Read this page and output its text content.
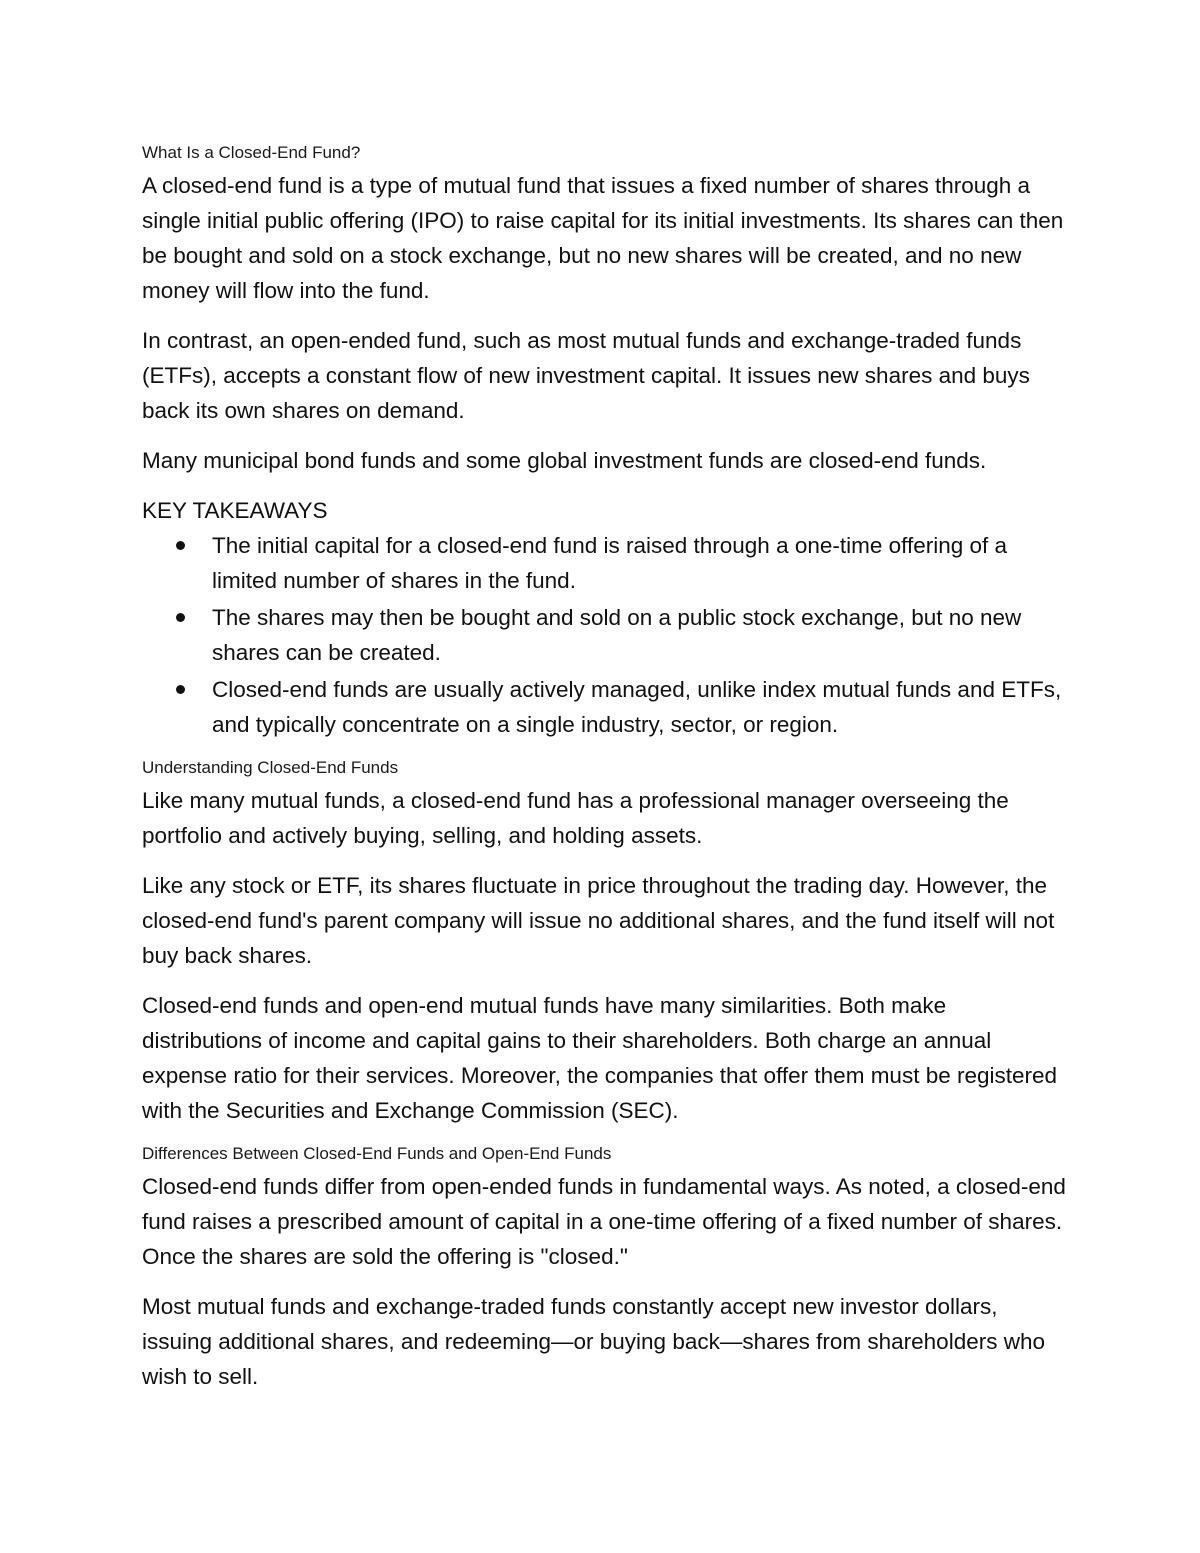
What Is a Closed-End Fund?

A closed-end fund is a type of mutual fund that issues a fixed number of shares through a single initial public offering (IPO) to raise capital for its initial investments. Its shares can then be bought and sold on a stock exchange, but no new shares will be created, and no new money will flow into the fund.

In contrast, an open-ended fund, such as most mutual funds and exchange-traded funds (ETFs), accepts a constant flow of new investment capital. It issues new shares and buys back its own shares on demand.

Many municipal bond funds and some global investment funds are closed-end funds.

KEY TAKEAWAYS
The initial capital for a closed-end fund is raised through a one-time offering of a limited number of shares in the fund.
The shares may then be bought and sold on a public stock exchange, but no new shares can be created.
Closed-end funds are usually actively managed, unlike index mutual funds and ETFs, and typically concentrate on a single industry, sector, or region.
Understanding Closed-End Funds

Like many mutual funds, a closed-end fund has a professional manager overseeing the portfolio and actively buying, selling, and holding assets.

Like any stock or ETF, its shares fluctuate in price throughout the trading day. However, the closed-end fund's parent company will issue no additional shares, and the fund itself will not buy back shares.

Closed-end funds and open-end mutual funds have many similarities. Both make distributions of income and capital gains to their shareholders. Both charge an annual expense ratio for their services. Moreover, the companies that offer them must be registered with the Securities and Exchange Commission (SEC).

Differences Between Closed-End Funds and Open-End Funds

Closed-end funds differ from open-ended funds in fundamental ways. As noted, a closed-end fund raises a prescribed amount of capital in a one-time offering of a fixed number of shares. Once the shares are sold the offering is "closed."

Most mutual funds and exchange-traded funds constantly accept new investor dollars, issuing additional shares, and redeeming—or buying back—shares from shareholders who wish to sell.
